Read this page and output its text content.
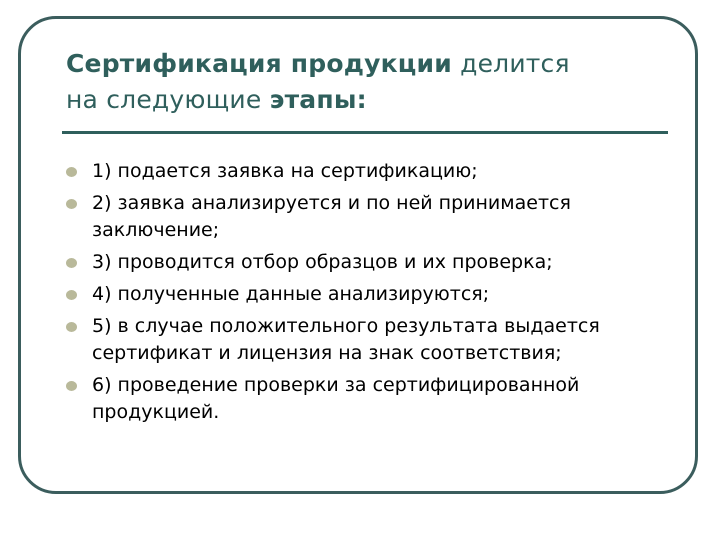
Сертификация продукции делится
на следующие этапы:
1) подается заявка на сертификацию;
2) заявка анализируется и по ней принимается заключение;
3) проводится отбор образцов и их проверка;
4) полученные данные анализируются;
5) в случае положительного результата выдается сертификат и лицензия на знак соответствия;
6) проведение проверки за сертифицированной продукцией.
